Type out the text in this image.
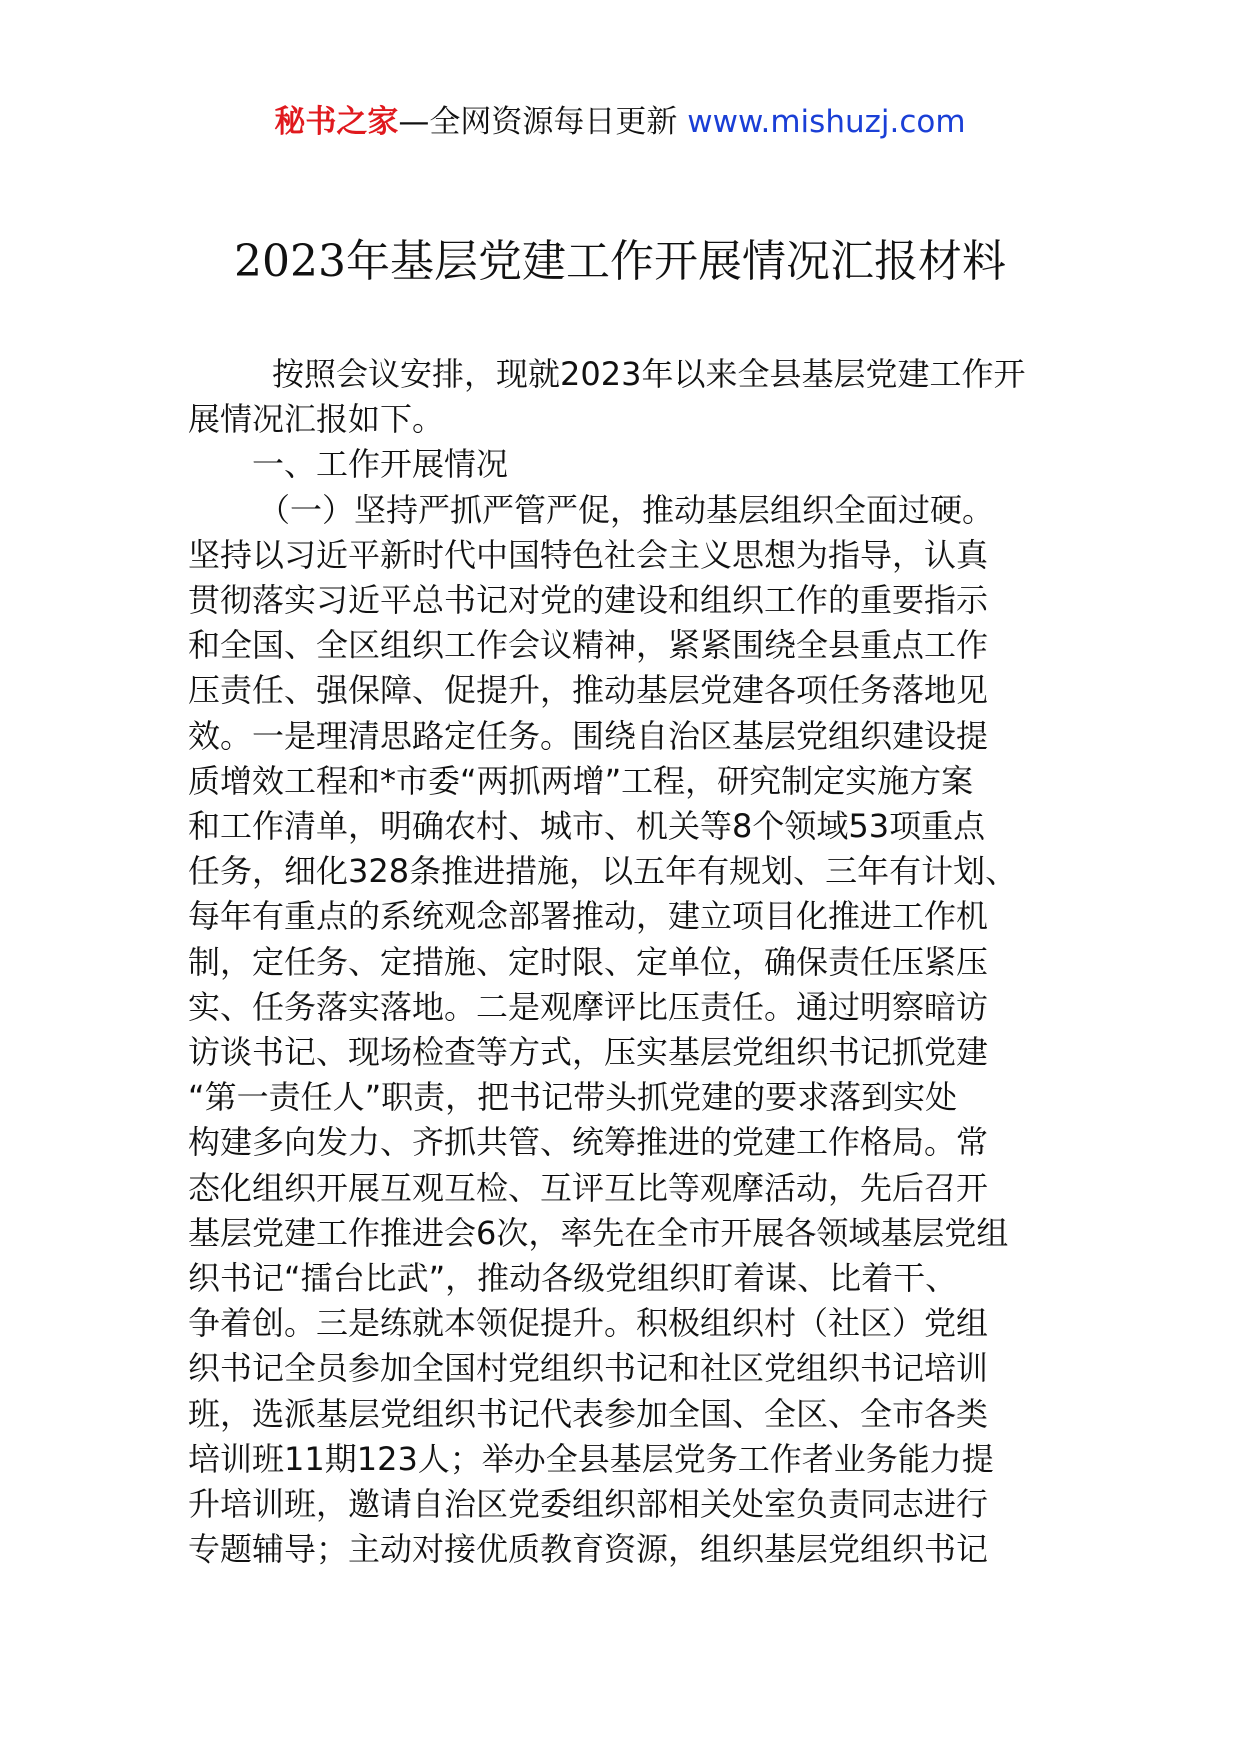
秘书之家—全网资源每日更新 www.mishuzj.com
2023年基层党建工作开展情况汇报材料

按照会议安排，现就2023年以来全县基层党建工作开
展情况汇报如下。

一、工作开展情况

（一）坚持严抓严管严促，推动基层组织全面过硬。
坚持以习近平新时代中国特色社会主义思想为指导，认真
贯彻落实习近平总书记对党的建设和组织工作的重要指示
和全国、全区组织工作会议精神，紧紧围绕全县重点工作
压责任、强保障、促提升，推动基层党建各项任务落地见
效。一是理清思路定任务。围绕自治区基层党组织建设提
质增效工程和*市委“两抓两增”工程，研究制定实施方案
和工作清单，明确农村、城市、机关等8个领域53项重点
任务，细化328条推进措施，以五年有规划、三年有计划、
每年有重点的系统观念部署推动，建立项目化推进工作机
制，定任务、定措施、定时限、定单位，确保责任压紧压
实、任务落实落地。二是观摩评比压责任。通过明察暗访
访谈书记、现场检查等方式，压实基层党组织书记抓党建
“第一责任人”职责，把书记带头抓党建的要求落到实处
构建多向发力、齐抓共管、统筹推进的党建工作格局。常
态化组织开展互观互检、互评互比等观摩活动，先后召开
基层党建工作推进会6次，率先在全市开展各领域基层党组
织书记“擂台比武”，推动各级党组织盯着谋、比着干、
争着创。三是练就本领促提升。积极组织村（社区）党组
织书记全员参加全国村党组织书记和社区党组织书记培训
班，选派基层党组织书记代表参加全国、全区、全市各类
培训班11期123人；举办全县基层党务工作者业务能力提
升培训班，邀请自治区党委组织部相关处室负责同志进行
专题辅导；主动对接优质教育资源，组织基层党组织书记
